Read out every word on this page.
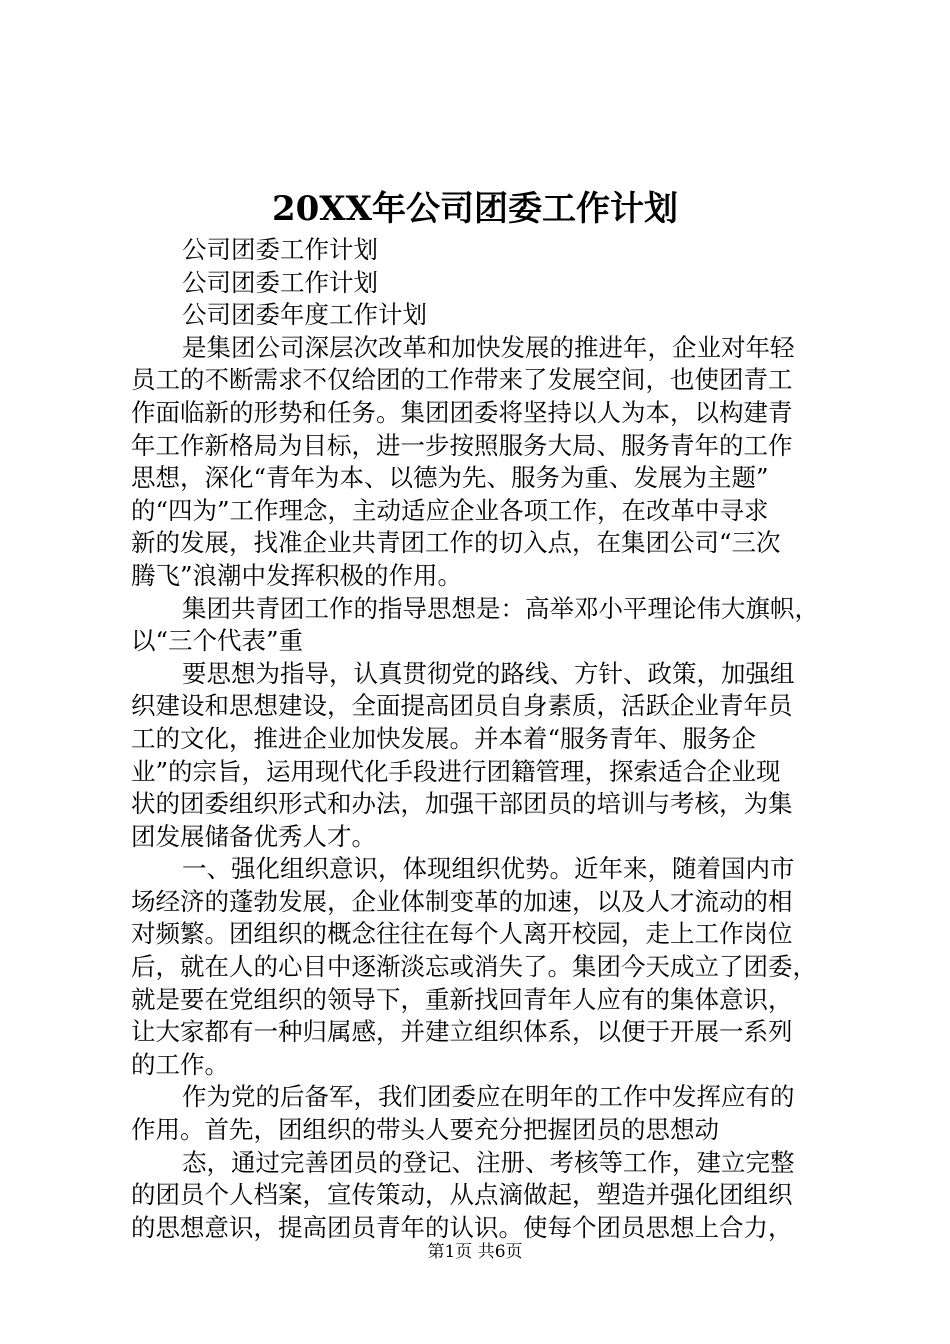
20XX年公司团委工作计划
公司团委工作计划
公司团委工作计划
公司团委年度工作计划
是集团公司深层次改革和加快发展的推进年，企业对年轻
员工的不断需求不仅给团的工作带来了发展空间，也使团青工
作面临新的形势和任务。集团团委将坚持以人为本，以构建青
年工作新格局为目标，进一步按照服务大局、服务青年的工作
思想，深化“青年为本、以德为先、服务为重、发展为主题”
的“四为”工作理念，主动适应企业各项工作，在改革中寻求
新的发展，找准企业共青团工作的切入点，在集团公司“三次
腾飞”浪潮中发挥积极的作用。
集团共青团工作的指导思想是：高举邓小平理论伟大旗帜，
以“三个代表”重
要思想为指导，认真贯彻党的路线、方针、政策，加强组
织建设和思想建设，全面提高团员自身素质，活跃企业青年员
工的文化，推进企业加快发展。并本着“服务青年、服务企
业”的宗旨，运用现代化手段进行团籍管理，探索适合企业现
状的团委组织形式和办法，加强干部团员的培训与考核，为集
团发展储备优秀人才。
一、强化组织意识，体现组织优势。近年来，随着国内市
场经济的蓬勃发展，企业体制变革的加速，以及人才流动的相
对频繁。团组织的概念往往在每个人离开校园，走上工作岗位
后，就在人的心目中逐渐淡忘或消失了。集团今天成立了团委，
就是要在党组织的领导下，重新找回青年人应有的集体意识，
让大家都有一种归属感，并建立组织体系，以便于开展一系列
的工作。
作为党的后备军，我们团委应在明年的工作中发挥应有的
作用。首先，团组织的带头人要充分把握团员的思想动
态，通过完善团员的登记、注册、考核等工作，建立完整
的团员个人档案，宣传策动，从点滴做起，塑造并强化团组织
的思想意识，提高团员青年的认识。使每个团员思想上合力，
第1页 共6页
